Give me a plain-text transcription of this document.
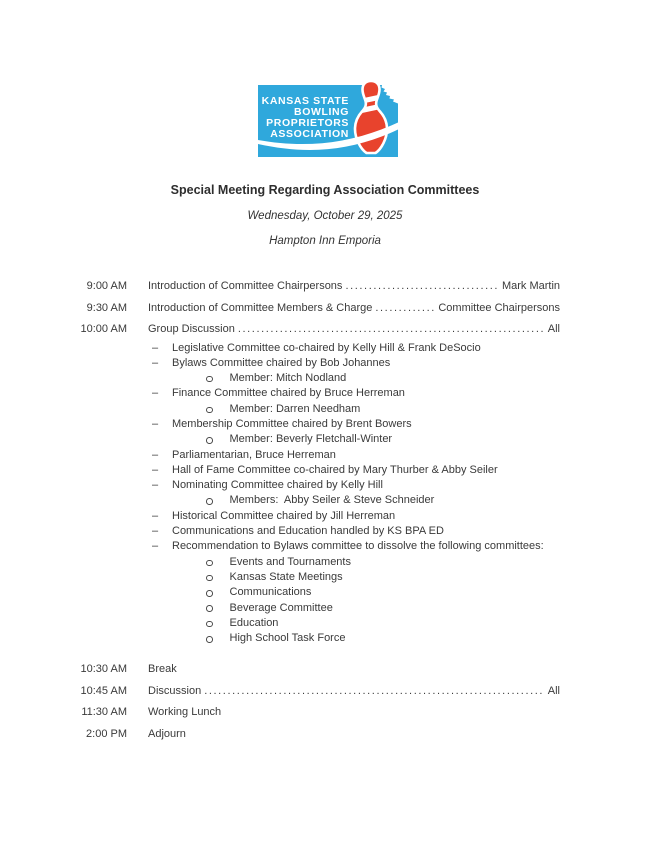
KANSAS STATE
BOWLING
PROPRIETORS
ASSOCIATION
Special Meeting Regarding Association Committees
Wednesday, October 29, 2025
Hampton Inn Emporia
9:00 AM Introduction of Committee Chairpersons .....	Mark Martin
9:30 AM Introduction of Committee Members & Charge .....	Committee Chairpersons
10:00 AM Group Discussion .....	All
–	Legislative Committee co-chaired by Kelly Hill & Frank DeSocio
–	Bylaws Committee chaired by Bob Johannes
Member: Mitch Nodland
–	Finance Committee chaired by Bruce Herreman
Member: Darren Needham
–	Membership Committee chaired by Brent Bowers
Member: Beverly Fletchall-Winter
–	Parliamentarian, Bruce Herreman
–	Hall of Fame Committee co-chaired by Mary Thurber & Abby Seiler
–	Nominating Committee chaired by Kelly Hill
Members:  Abby Seiler & Steve Schneider
–	Historical Committee chaired by Jill Herreman
–	Communications and Education handled by KS BPA ED
–	Recommendation to Bylaws committee to dissolve the following committees:
Events and Tournaments
Kansas State Meetings
Communications
Beverage Committee
Education
High School Task Force
10:30 AM Break
10:45 AM Discussion .....	All
11:30 AM Working Lunch
2:00 PM Adjourn
